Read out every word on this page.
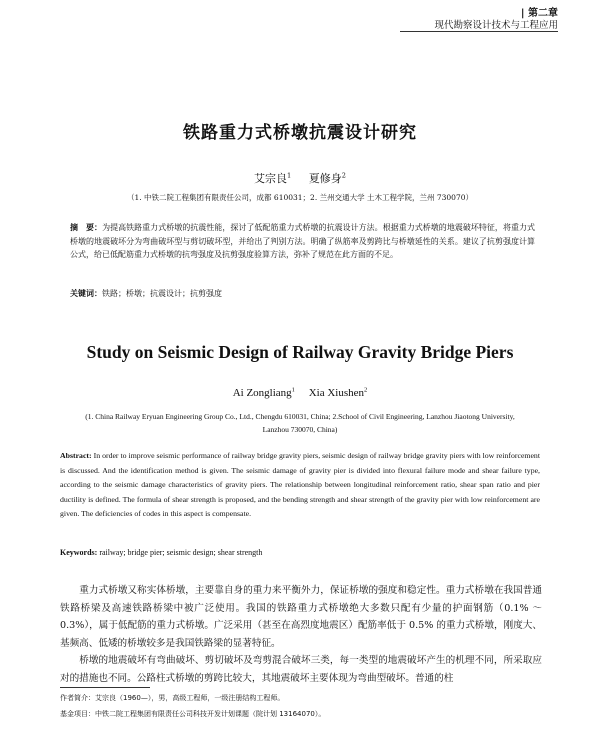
| 第二章
现代勘察设计技术与工程应用
铁路重力式桥墩抗震设计研究
艾宗良$^1$ 夏修身$^2$
（1. 中铁二院工程集团有限责任公司，成都 610031；2. 兰州交通大学 土木工程学院，兰州 730070）
摘　要：为提高铁路重力式桥墩的抗震性能，探讨了低配筋重力式桥墩的抗震设计方法。根据重力式桥墩的地震破坏特征，将重力式桥墩的地震破坏分为弯曲破坏型与剪切破坏型，并给出了判别方法。明确了纵筋率及剪跨比与桥墩延性的关系。建议了抗剪强度计算公式，给已低配筋重力式桥墩的抗弯强度及抗剪强度验算方法，弥补了规范在此方面的不足。
关键词：铁路；桥墩；抗震设计；抗剪强度
Study on Seismic Design of Railway Gravity Bridge Piers
Ai Zongliang$^1$ Xia Xiushen$^2$
(1. China Railway Eryuan Engineering Group Co., Ltd., Chengdu 610031, China; 2.School of Civil Engineering, Lanzhou Jiaotong University, Lanzhou 730070, China)
Abstract: In order to improve seismic performance of railway bridge gravity piers, seismic design of railway bridge gravity piers with low reinforcement is discussed. And the identification method is given. The seismic damage of gravity pier is divided into flexural failure mode and shear failure type, according to the seismic damage characteristics of gravity piers. The relationship between longitudinal reinforcement ratio, shear span ratio and pier ductility is defined. The formula of shear strength is proposed, and the bending strength and shear strength of the gravity pier with low reinforcement are given. The deficiencies of codes in this aspect is compensate.
Keywords: railway; bridge pier; seismic design; shear strength

重力式桥墩又称实体桥墩，主要靠自身的重力来平衡外力，保证桥墩的强度和稳定性。重力式桥墩在我国普通铁路桥梁及高速铁路桥梁中被广泛使用。我国的铁路重力式桥墩绝大多数只配有少量的护面钢筋（0.1% ～ 0.3%），属于低配筋的重力式桥墩。广泛采用（甚至在高烈度地震区）配筋率低于 0.5% 的重力式桥墩，刚度大、基频高、低矮的桥墩较多是我国铁路梁的显著特征。

桥墩的地震破坏有弯曲破坏、剪切破坏及弯剪混合破坏三类，每一类型的地震破坏产生的机理不同，所采取应对的措施也不同。公路柱式桥墩的剪跨比较大，其地震破坏主要体现为弯曲型破坏。普通的柱

作者简介：艾宗良（1960—），男，高级工程师，一级注册结构工程师。
基金项目：中铁二院工程集团有限责任公司科技开发计划课题（院计划 13164070）。
